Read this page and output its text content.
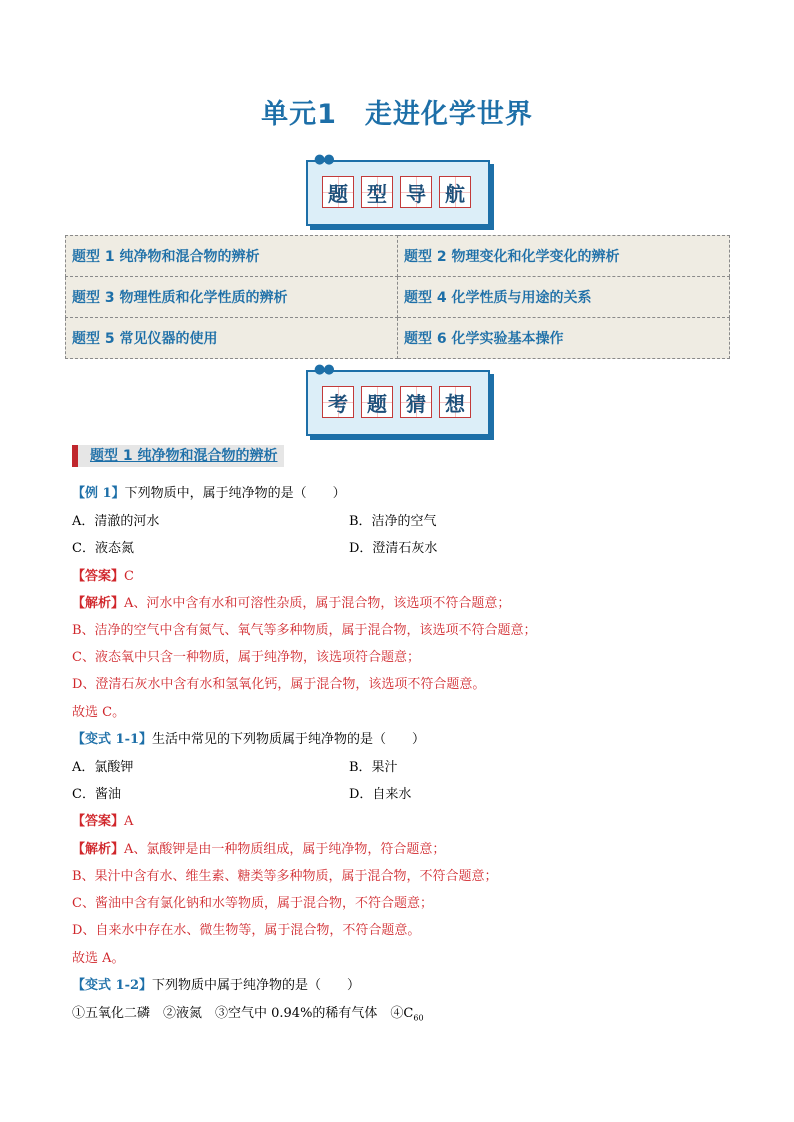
单元1　走进化学世界
●●
题 型 导 航
题型 1 纯净物和混合物的辨析	题型 2 物理变化和化学变化的辨析
题型 3 物理性质和化学性质的辨析	题型 4 化学性质与用途的关系
题型 5 常见仪器的使用	题型 6 化学实验基本操作
●●
考 题 猜 想
题型 1 纯净物和混合物的辨析
【例 1】下列物质中，属于纯净物的是（　　）
A．清澈的河水	B．洁净的空气
C．液态氮	D．澄清石灰水
【答案】C
【解析】A、河水中含有水和可溶性杂质，属于混合物，该选项不符合题意；
B、洁净的空气中含有氮气、氧气等多种物质，属于混合物，该选项不符合题意；
C、液态氧中只含一种物质，属于纯净物，该选项符合题意；
D、澄清石灰水中含有水和氢氧化钙，属于混合物，该选项不符合题意。
故选 C。
【变式 1-1】生活中常见的下列物质属于纯净物的是（　　）
A．氯酸钾	B．果汁
C．酱油	D．自来水
【答案】A
【解析】A、氯酸钾是由一种物质组成，属于纯净物，符合题意；
B、果汁中含有水、维生素、糖类等多种物质，属于混合物，不符合题意；
C、酱油中含有氯化钠和水等物质，属于混合物，不符合题意；
D、自来水中存在水、微生物等，属于混合物，不符合题意。
故选 A。
【变式 1-2】下列物质中属于纯净物的是（　　）
①五氧化二磷　②液氮　③空气中 0.94%的稀有气体　$④C_{60}$
